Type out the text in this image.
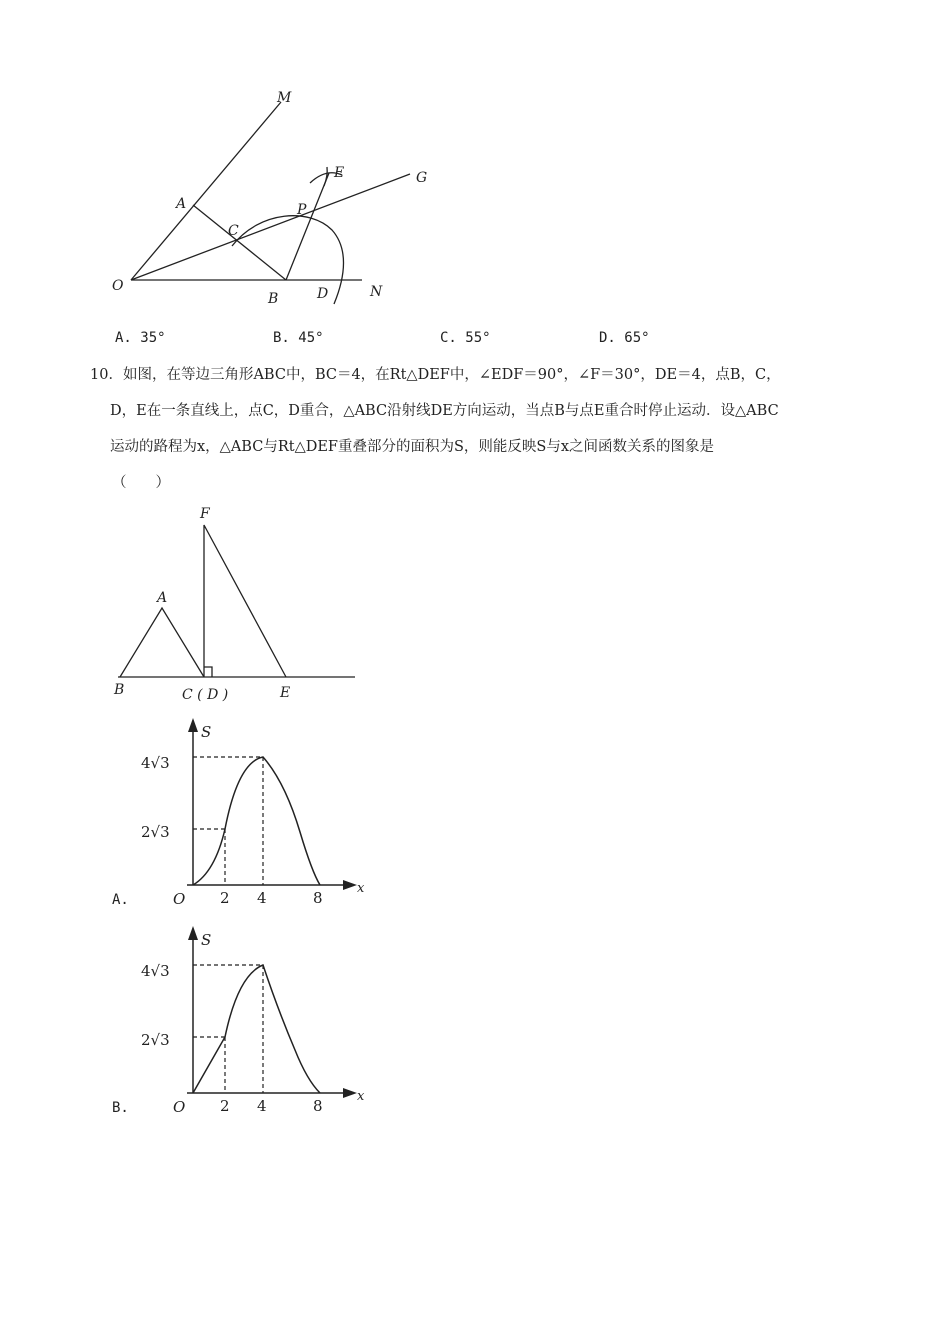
M
E	G
A	P
C
O
B	D	N
A. 35°	B. 45°	C. 55°	D. 65°
10．如图，在等边三角形ABC中，BC＝4，在Rt△DEF中，∠EDF＝90°，∠F＝30°，DE＝4，点B，C，
D，E在一条直线上，点C，D重合，△ABC沿射线DE方向运动，当点B与点E重合时停止运动．设△ABC
运动的路程为x，△ABC与Rt△DEF重叠部分的面积为S，则能反映S与x之间函数关系的图象是
（　　）
F
A
B	C ( D )	E
A.
S
x
O
4√3
2√3
2 4	8
B.
S
x
O
4√3
2√3
2 4	8
